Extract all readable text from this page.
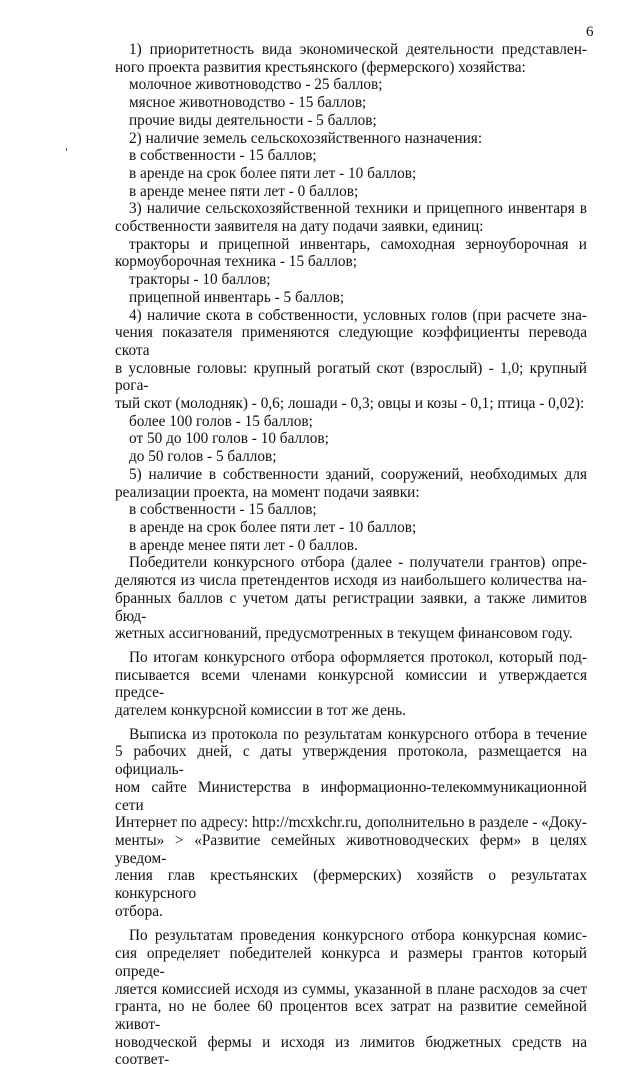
6

1) приоритетность вида экономической деятельности представлен-

ного проекта развития крестьянского (фермерского) хозяйства:

молочное животноводство - 25 баллов;

мясное животноводство - 15 баллов;

прочие виды деятельности - 5 баллов;

2) наличие земель сельскохозяйственного назначения:

в собственности - 15 баллов;

в аренде на срок более пяти лет - 10 баллов;

в аренде менее пяти лет - 0 баллов;

3) наличие сельскохозяйственной техники и прицепного инвентаря в

собственности заявителя на дату подачи заявки, единиц:

тракторы и прицепной инвентарь, самоходная зерноуборочная и

кормоуборочная техника - 15 баллов;

тракторы - 10 баллов;

прицепной инвентарь - 5 баллов;

4) наличие скота в собственности, условных голов (при расчете зна-

чения показателя применяются следующие коэффициенты перевода скота

в условные головы: крупный рогатый скот (взрослый) - 1,0; крупный рога-

тый скот (молодняк) - 0,6; лошади - 0,3; овцы и козы - 0,1; птица - 0,02):

более 100 голов - 15 баллов;

от 50 до 100 голов - 10 баллов;

до 50 голов - 5 баллов;

5) наличие в собственности зданий, сооружений, необходимых для

реализации проекта, на момент подачи заявки:

в собственности - 15 баллов;

в аренде на срок более пяти лет - 10 баллов;

в аренде менее пяти лет - 0 баллов.

Победители конкурсного отбора (далее - получатели грантов) опре-

деляются из числа претендентов исходя из наибольшего количества на-

бранных баллов с учетом даты регистрации заявки, а также лимитов бюд-

жетных ассигнований, предусмотренных в текущем финансовом году.

По итогам конкурсного отбора оформляется протокол, который под-

писывается всеми членами конкурсной комиссии и утверждается предсе-

дателем конкурсной комиссии в тот же день.

Выписка из протокола по результатам конкурсного отбора в течение

5 рабочих дней, с даты утверждения протокола, размещается на официаль-

ном сайте Министерства в информационно-телекоммуникационной сети

Интернет по адресу: http://mcxkchr.ru, дополнительно в разделе - «Доку-

менты» > «Развитие семейных животноводческих ферм» в целях уведом-

ления глав крестьянских (фермерских) хозяйств о результатах конкурсного

отбора.

По результатам проведения конкурсного отбора конкурсная комис-

сия определяет победителей конкурса и размеры грантов который опреде-

ляется комиссией исходя из суммы, указанной в плане расходов за счет

гранта, но не более 60 процентов всех затрат на развитие семейной живот-

новодческой фермы и исходя из лимитов бюджетных средств на соответ-
